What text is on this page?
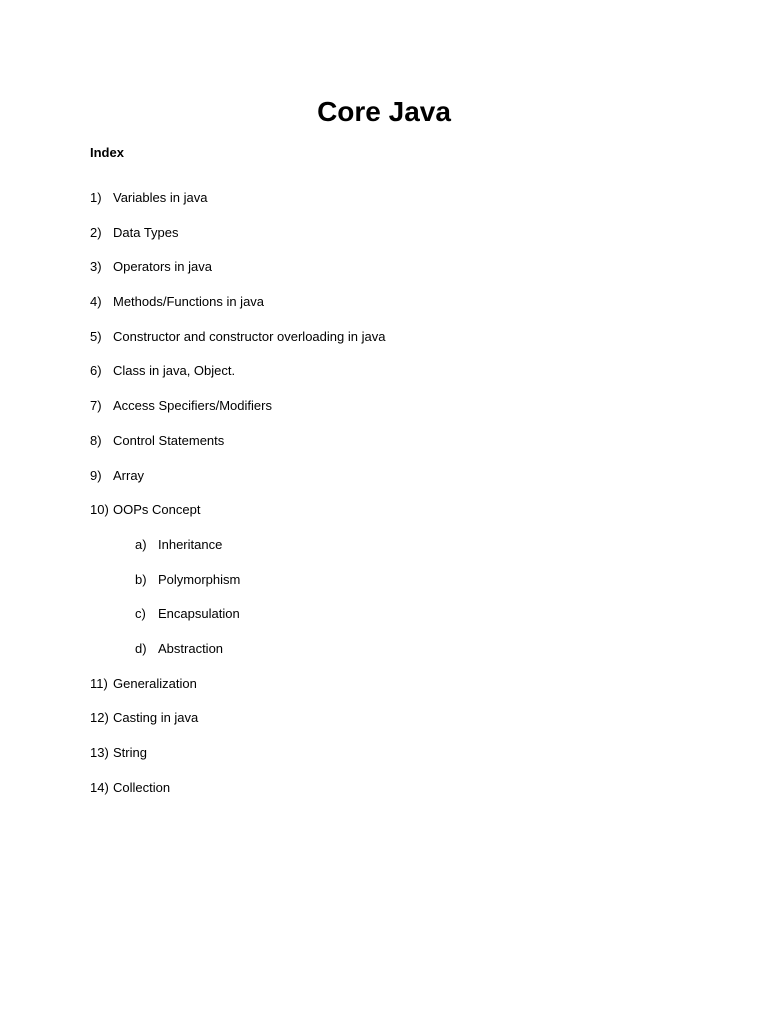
Core Java
Index
1) Variables in java
2) Data Types
3) Operators in java
4) Methods/Functions in java
5) Constructor and constructor overloading in java
6) Class in java, Object.
7) Access Specifiers/Modifiers
8) Control Statements
9) Array
10) OOPs Concept
a) Inheritance
b) Polymorphism
c) Encapsulation
d) Abstraction
11) Generalization
12) Casting in java
13) String
14) Collection
